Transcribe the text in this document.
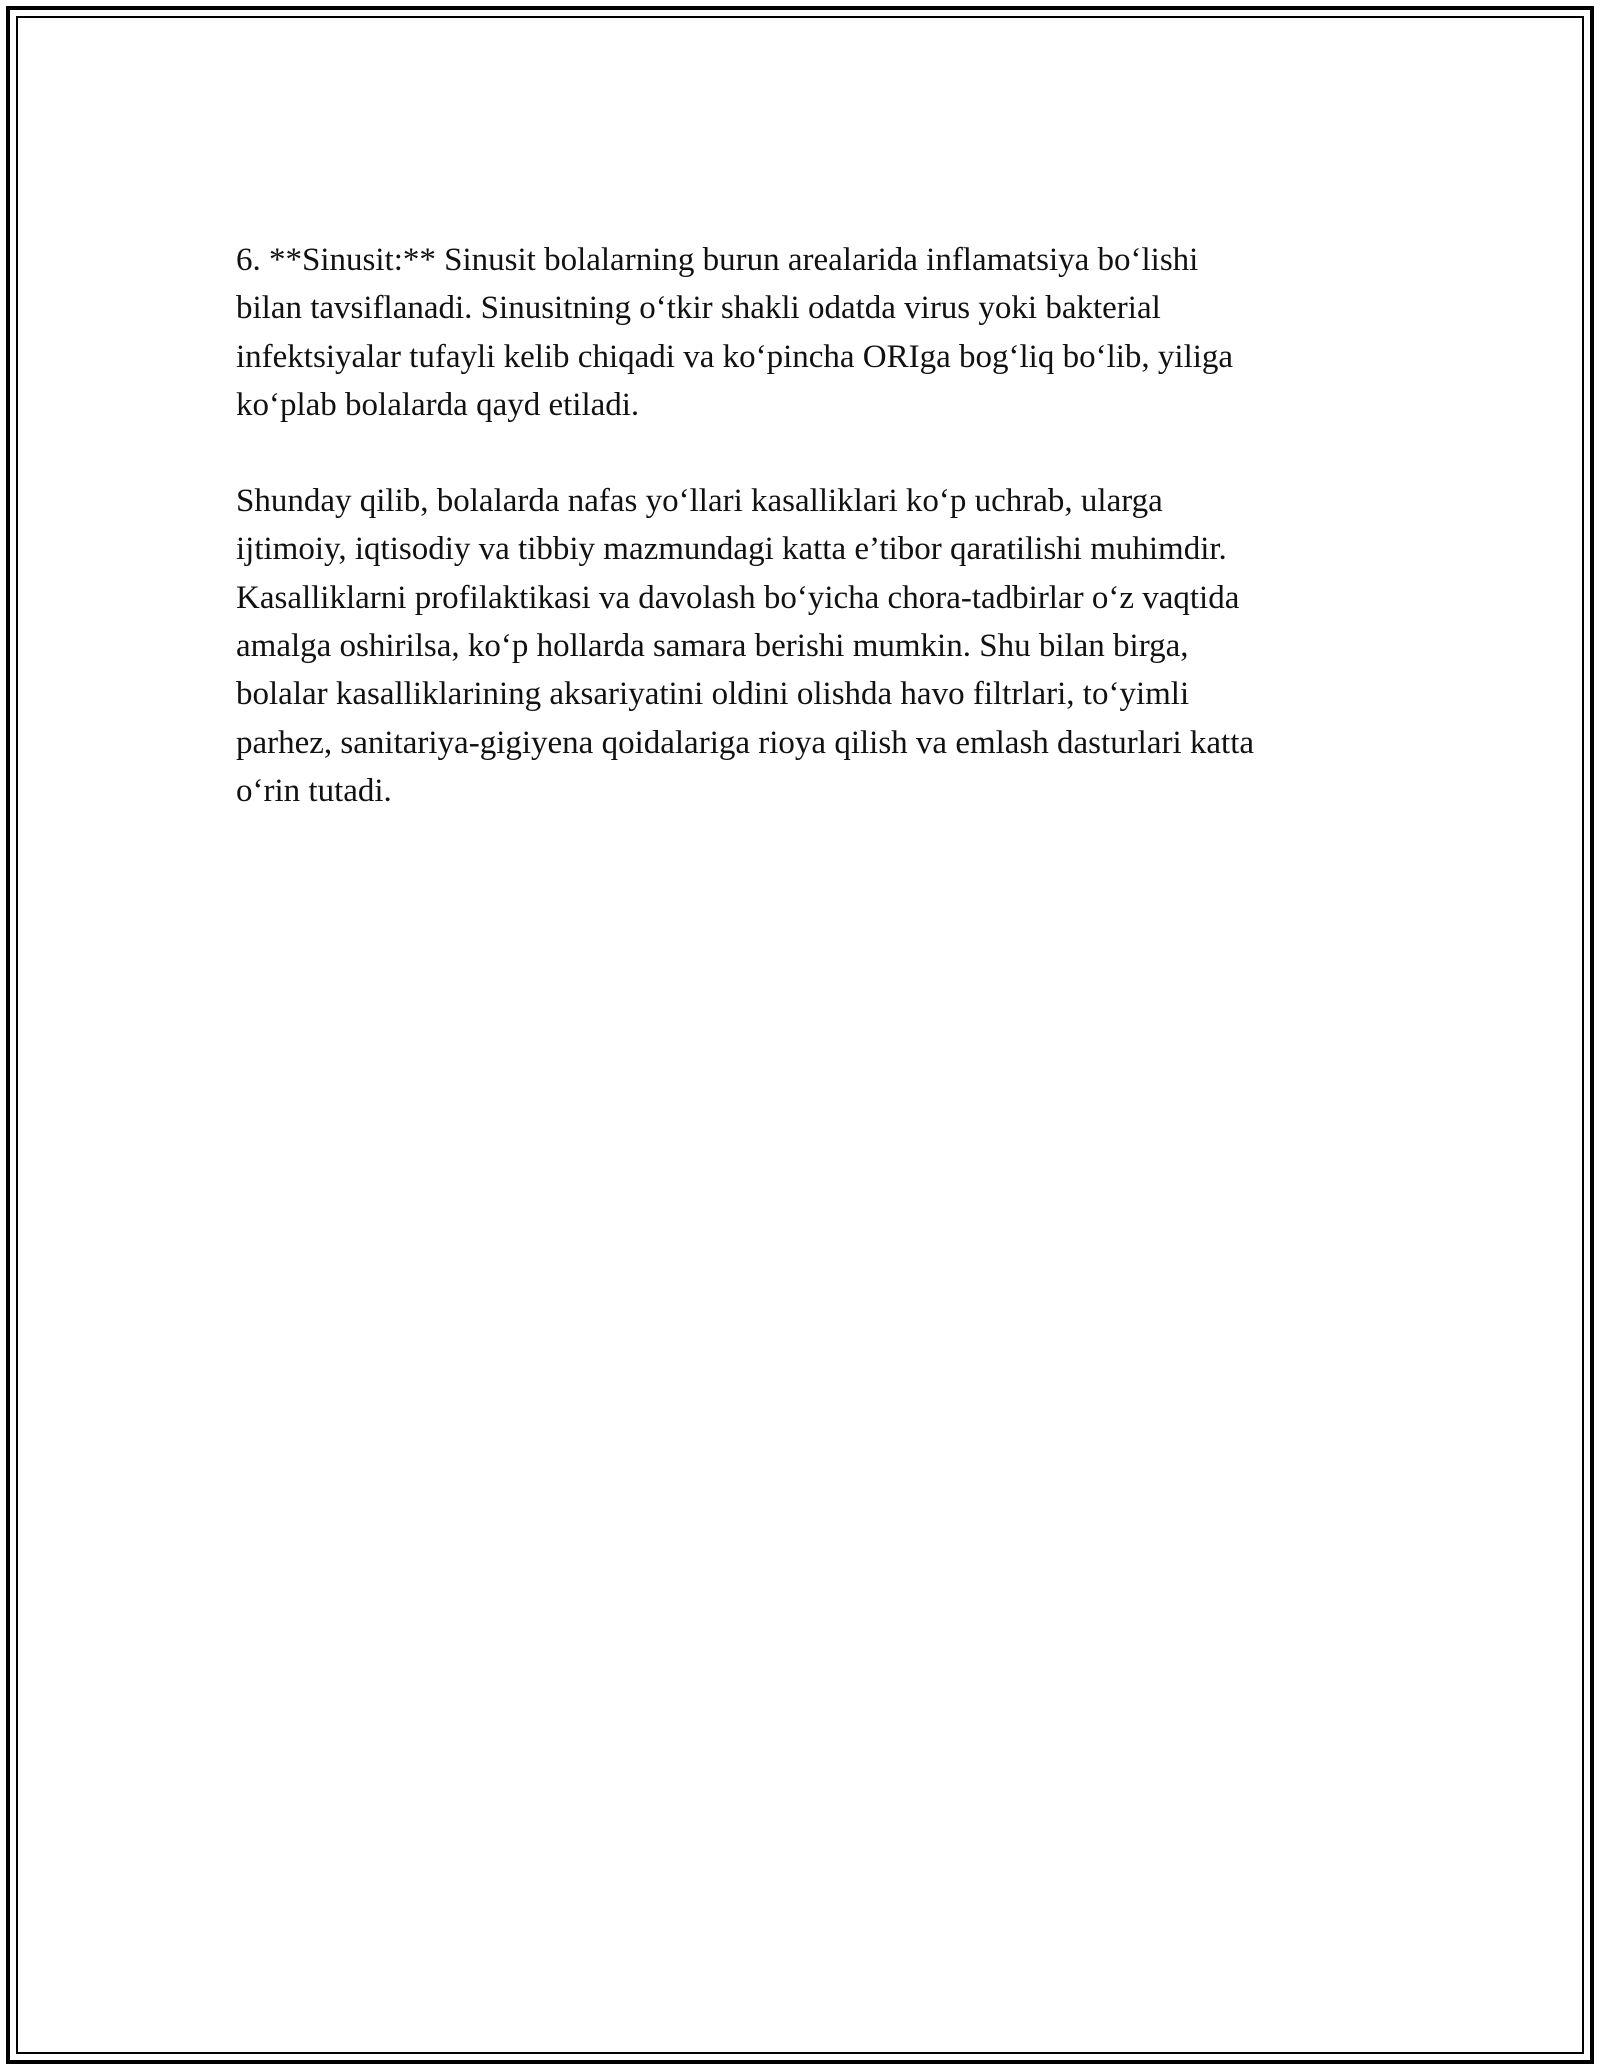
6. **Sinusit:** Sinusit bolalarning burun arealarida inflamatsiya bo‘lishi
bilan tavsiflanadi. Sinusitning o‘tkir shakli odatda virus yoki bakterial
infektsiyalar tufayli kelib chiqadi va ko‘pincha ORIga bog‘liq bo‘lib, yiliga
ko‘plab bolalarda qayd etiladi.

Shunday qilib, bolalarda nafas yo‘llari kasalliklari ko‘p uchrab, ularga
ijtimoiy, iqtisodiy va tibbiy mazmundagi katta e’tibor qaratilishi muhimdir.
Kasalliklarni profilaktikasi va davolash bo‘yicha chora-tadbirlar o‘z vaqtida
amalga oshirilsa, ko‘p hollarda samara berishi mumkin. Shu bilan birga,
bolalar kasalliklarining aksariyatini oldini olishda havo filtrlari, to‘yimli
parhez, sanitariya-gigiyena qoidalariga rioya qilish va emlash dasturlari katta
o‘rin tutadi.
